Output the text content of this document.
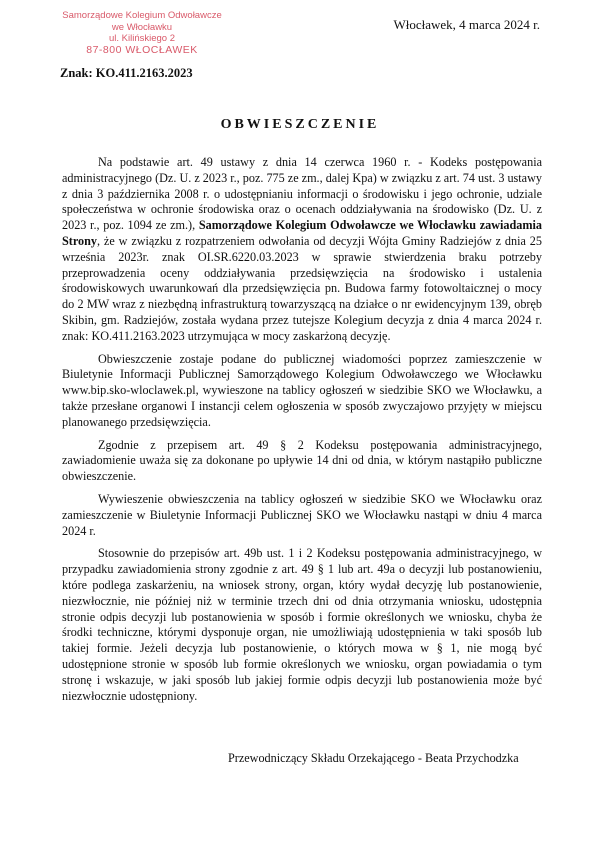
Samorządowe Kolegium Odwoławcze
we Włocławku
ul. Kilińskiego 2
87-800 WŁOCŁAWEK
Włocławek, 4 marca 2024 r.
Znak: KO.411.2163.2023
OBWIESZCZENIE

Na podstawie art. 49 ustawy z dnia 14 czerwca 1960 r. - Kodeks postępowania administracyjnego (Dz. U. z 2023 r., poz. 775 ze zm., dalej Kpa) w związku z art. 74 ust. 3 ustawy z dnia 3 października 2008 r. o udostępnianiu informacji o środowisku i jego ochronie, udziale społeczeństwa w ochronie środowiska oraz o ocenach oddziaływania na środowisko (Dz. U. z 2023 r., poz. 1094 ze zm.), Samorządowe Kolegium Odwoławcze we Włocławku zawiadamia Strony, że w związku z rozpatrzeniem odwołania od decyzji Wójta Gminy Radziejów z dnia 25 września 2023r. znak OI.SR.6220.03.2023 w sprawie stwierdzenia braku potrzeby przeprowadzenia oceny oddziaływania przedsięwzięcia na środowisko i ustalenia środowiskowych uwarunkowań dla przedsięwzięcia pn. Budowa farmy fotowoltaicznej o mocy do 2 MW wraz z niezbędną infrastrukturą towarzyszącą na działce o nr ewidencyjnym 139, obręb Skibin, gm. Radziejów, została wydana przez tutejsze Kolegium decyzja z dnia 4 marca 2024 r. znak: KO.411.2163.2023 utrzymująca w mocy zaskarżoną decyzję.

Obwieszczenie zostaje podane do publicznej wiadomości poprzez zamieszczenie w Biuletynie Informacji Publicznej Samorządowego Kolegium Odwoławczego we Włocławku www.bip.sko-wloclawek.pl, wywieszone na tablicy ogłoszeń w siedzibie SKO we Włocławku, a także przesłane organowi I instancji celem ogłoszenia w sposób zwyczajowo przyjęty w miejscu planowanego przedsięwzięcia.

Zgodnie z przepisem art. 49 § 2 Kodeksu postępowania administracyjnego, zawiadomienie uważa się za dokonane po upływie 14 dni od dnia, w którym nastąpiło publiczne obwieszczenie.

Wywieszenie obwieszczenia na tablicy ogłoszeń w siedzibie SKO we Włocławku oraz zamieszczenie w Biuletynie Informacji Publicznej SKO we Włocławku nastąpi w dniu 4 marca 2024 r.

Stosownie do przepisów art. 49b ust. 1 i 2 Kodeksu postępowania administracyjnego, w przypadku zawiadomienia strony zgodnie z art. 49 § 1 lub art. 49a o decyzji lub postanowieniu, które podlega zaskarżeniu, na wniosek strony, organ, który wydał decyzję lub postanowienie, niezwłocznie, nie później niż w terminie trzech dni od dnia otrzymania wniosku, udostępnia stronie odpis decyzji lub postanowienia w sposób i formie określonych we wniosku, chyba że środki techniczne, którymi dysponuje organ, nie umożliwiają udostępnienia w taki sposób lub takiej formie. Jeżeli decyzja lub postanowienie, o których mowa w § 1, nie mogą być udostępnione stronie w sposób lub formie określonych we wniosku, organ powiadamia o tym stronę i wskazuje, w jaki sposób lub jakiej formie odpis decyzji lub postanowienia może być niezwłocznie udostępniony.

Przewodniczący Składu Orzekającego - Beata Przychodzka
